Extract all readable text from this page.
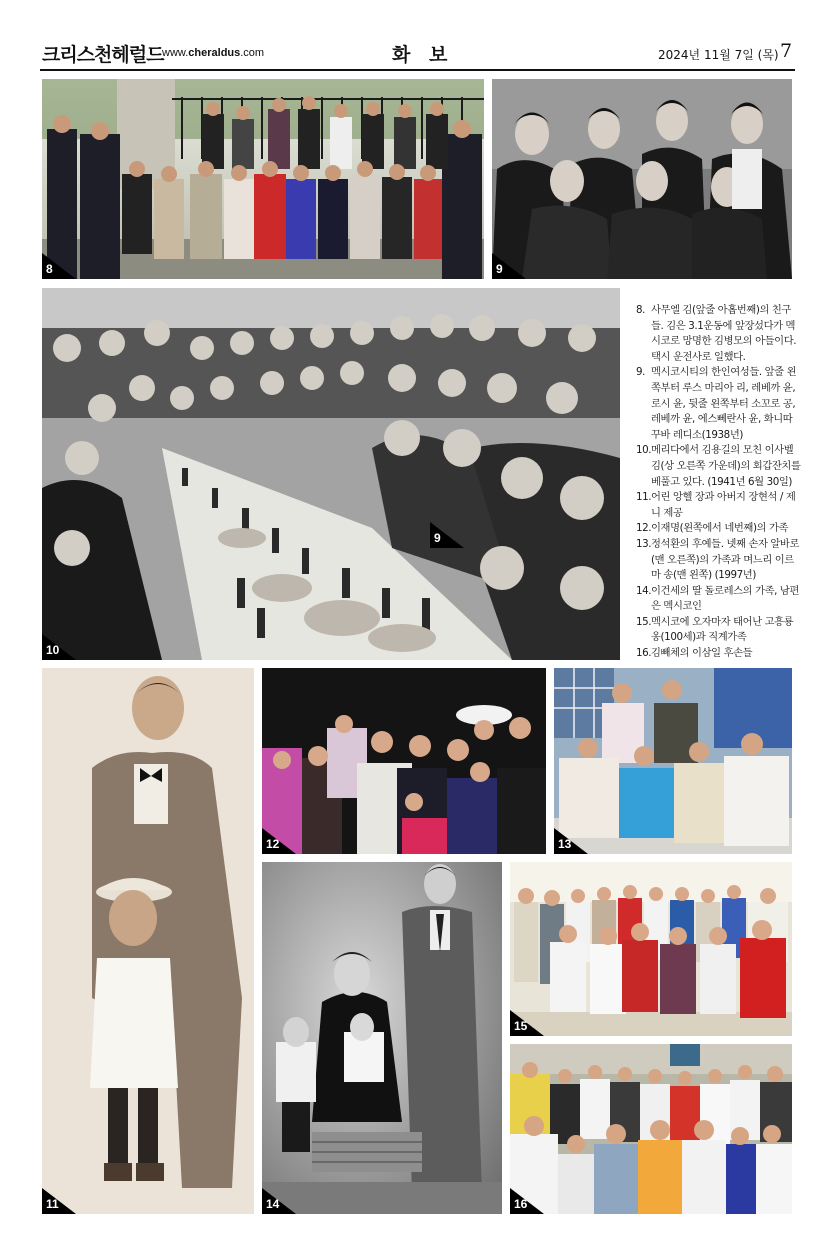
크리스천헤럴드
www.cheraldus.com	화 보	2024년 11월 7일 (목) 7
8	9
10
9
8. 사무엘 김(앞줄 아홉번째)의 친구들. 김은 3.1운동에 앞장섰다가 멕시코로 망명한 김병모의 아들이다. 택시 운전사로 일했다.
9. 멕시코시티의 한인여성들. 앞줄 왼쪽부터 루스 마리아 리, 레베까 윤, 로시 윤, 뒷줄 왼쪽부터 소꼬로 공, 레베까 윤, 에스뻬란사 윤, 화니따 꾸바 레디소(1938년)
10. 메리다에서 김용길의 모친 이사벨 김(상 오른쪽 가운데)의 회갑잔치를 베풀고 있다. (1941년 6월 30일)
11. 어린 앙헬 장과 아버지 장현석 / 제니 제공
12. 이재명(왼쪽에서 네번째)의 가족
13. 정석환의 후예들. 넷째 손자 알바로(맨 오른쪽)의 가족과 며느리 이르마 송(맨 왼쪽) (1997년)
14. 이건세의 딸 돌로레스의 가족, 남편은 멕시코인
15. 멕시코에 오자마자 태어난 고흥룡옹(100세)과 직계가족
16. 김빼체의 이삼일 후손들
11
12	13
14
15
16
